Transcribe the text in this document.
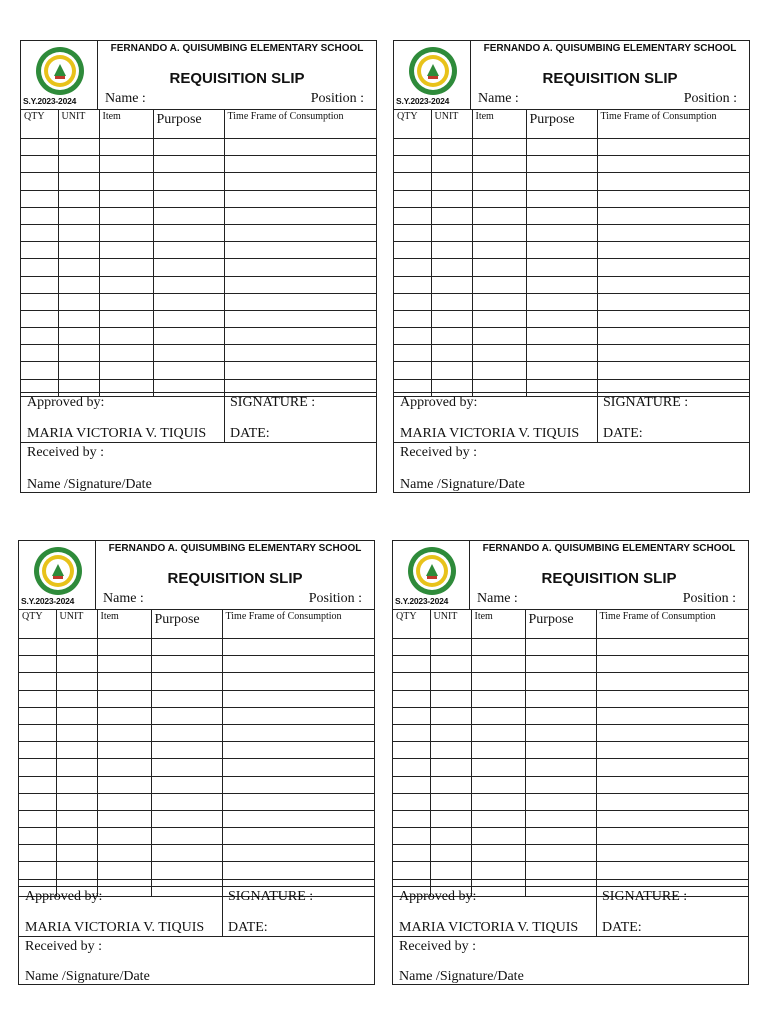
S.Y.2023-2024
FERNANDO A. QUISUMBING ELEMENTARY SCHOOL
REQUISITION SLIP
Name :	Position :
QTY	UNIT	Item	Purpose	Time Frame of Consumption

Approved by:
MARIA VICTORIA V. TIQUIS
SIGNATURE :
DATE:
Received by :
Name /Signature/Date
S.Y.2023-2024
FERNANDO A. QUISUMBING ELEMENTARY SCHOOL
REQUISITION SLIP
Name :	Position :
QTY	UNIT	Item	Purpose	Time Frame of Consumption

Approved by:
MARIA VICTORIA V. TIQUIS
SIGNATURE :
DATE:
Received by :
Name /Signature/Date
S.Y.2023-2024
FERNANDO A. QUISUMBING ELEMENTARY SCHOOL
REQUISITION SLIP
Name :	Position :
QTY	UNIT	Item	Purpose	Time Frame of Consumption

Approved by:
MARIA VICTORIA V. TIQUIS
SIGNATURE :
DATE:
Received by :
Name /Signature/Date
S.Y.2023-2024
FERNANDO A. QUISUMBING ELEMENTARY SCHOOL
REQUISITION SLIP
Name :	Position :
QTY	UNIT	Item	Purpose	Time Frame of Consumption

Approved by:
MARIA VICTORIA V. TIQUIS
SIGNATURE :
DATE:
Received by :
Name /Signature/Date
